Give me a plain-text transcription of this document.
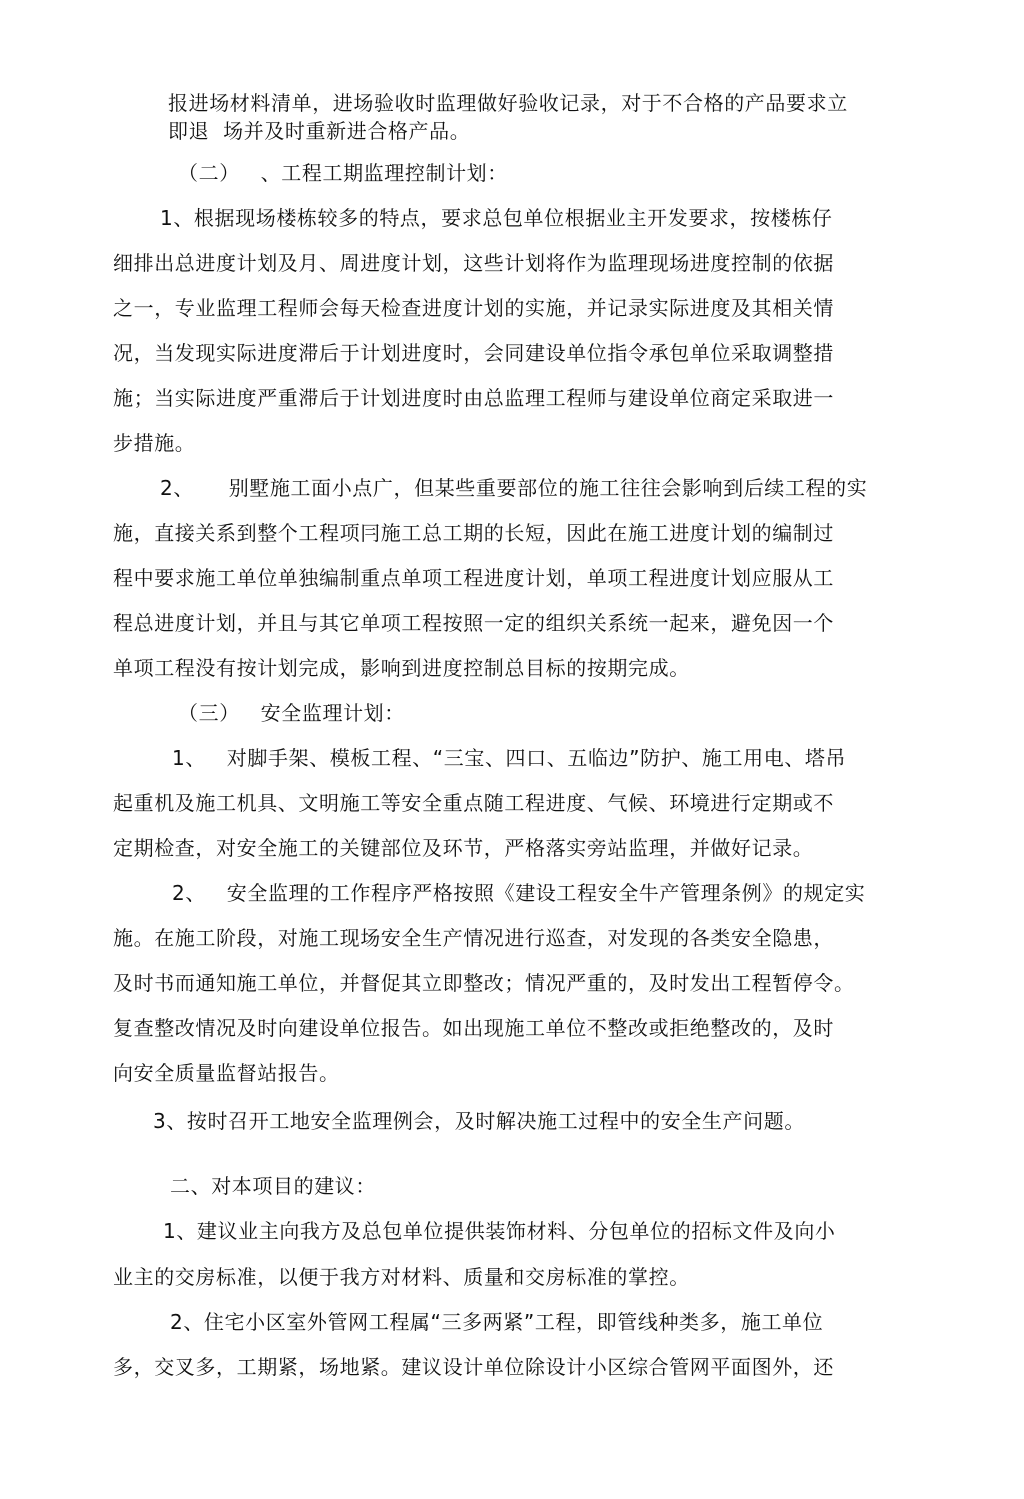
报进场材料清单，进场验收时监理做好验收记录，对于不合格的产品要求立
即退  场并及时重新进合格产品。
（二）   、工程工期监理控制计划：
1、根据现场楼栋较多的特点，要求总包单位根据业主开发要求，按楼栋仔
细排出总进度计划及月、周进度计划，这些计划将作为监理现场进度控制的依据
之一，专业监理工程师会每天检查进度计划的实施，并记录实际进度及其相关情
况，当发现实际进度滞后于计划进度时，会同建设单位指令承包单位采取调整措
施；当实际进度严重滞后于计划进度时由总监理工程师与建设单位商定采取进一
步措施。
2、     别墅施工面小点广，但某些重要部位的施工往往会影响到后续工程的实
施，直接关系到整个工程项冃施工总工期的长短，因此在施工进度计划的编制过
程中要求施工单位单独编制重点单项工程进度计划，单项工程进度计划应服从工
程总进度计划，并且与其它单项工程按照一定的组织关系统一起来，避免因一个
单项工程没有按计划完成，影响到进度控制总目标的按期完成。
（三）   安全监理计划：
1、   对脚手架、模板工程、“三宝、四口、五临边”防护、施工用电、塔吊
起重机及施工机具、文明施工等安全重点随工程进度、气候、环境进行定期或不
定期检查，对安全施工的关键部位及环节，严格落实旁站监理，并做好记录。
2、   安全监理的工作程序严格按照《建设工程安全牛产管理条例》的规定实
施。在施工阶段，对施工现场安全生产情况进行巡查，对发现的各类安全隐患，
及时书而通知施工单位，并督促其立即整改；情况严重的，及时发出工程暂停令。
复查整改情况及时向建设单位报告。如出现施工单位不整改或拒绝整改的，及时
向安全质量监督站报告。
3、按时召开工地安全监理例会，及时解决施工过程中的安全生产问题。
二、对本项目的建议：
1、建议业主向我方及总包单位提供装饰材料、分包单位的招标文件及向小
业主的交房标准，以便于我方对材料、质量和交房标准的掌控。
2、住宅小区室外管网工程属“三多两紧”工程，即管线种类多，施工单位
多，交叉多，工期紧，场地紧。建议设计单位除设计小区综合管网平面图外，还
